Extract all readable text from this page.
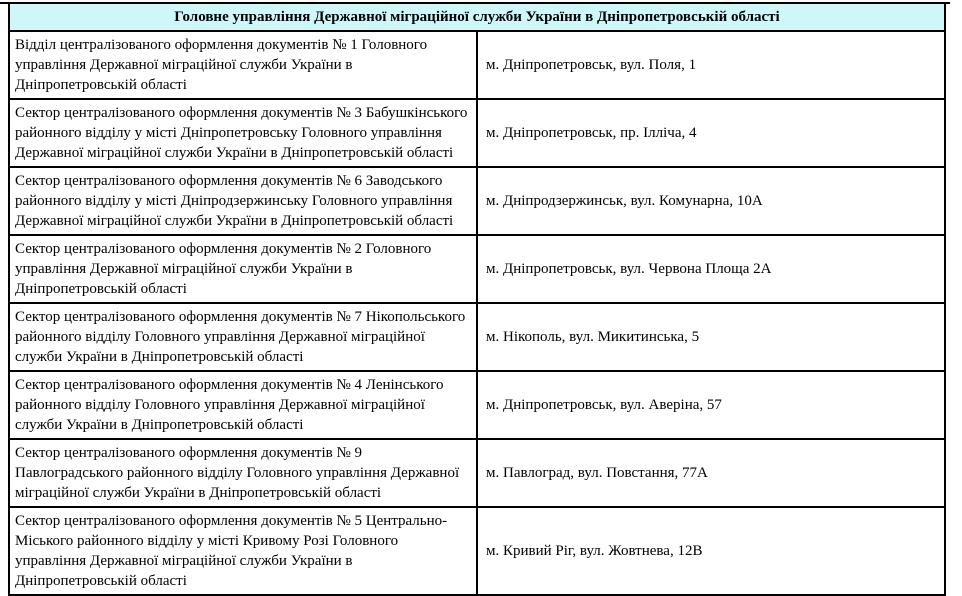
Головне управління Державної міграційної служби України в Дніпропетровській області	
Відділ централізованого оформлення документів № 1 Головного управління Державної міграційної служби України в Дніпропетровській області	м. Дніпропетровськ, вул. Поля, 1
Сектор централізованого оформлення документів № 3 Бабушкінського районного відділу у місті Дніпропетровську Головного управління Державної міграційної служби України в Дніпропетровській області	м. Дніпропетровськ, пр. Ілліча, 4
Сектор централізованого оформлення документів № 6 Заводського районного відділу у місті Дніпродзержинську Головного управління Державної міграційної служби України в Дніпропетровській області	м. Дніпродзержинськ, вул. Комунарна, 10А
Сектор централізованого оформлення документів № 2 Головного управління Державної міграційної служби України в Дніпропетровській області	м. Дніпропетровськ, вул. Червона Площа 2А
Сектор централізованого оформлення документів № 7 Нікопольського районного відділу Головного управління Державної міграційної служби України в Дніпропетровській області	м. Нікополь, вул. Микитинська, 5
Сектор централізованого оформлення документів № 4 Ленінського районного відділу Головного управління Державної міграційної служби України в Дніпропетровській області	м. Дніпропетровськ, вул. Аверіна, 57
Сектор централізованого оформлення документів № 9 Павлоградського районного відділу Головного управління Державної міграційної служби України в Дніпропетровській області	м. Павлоград, вул. Повстання, 77А
Сектор централізованого оформлення документів № 5 Центрально-Міського районного відділу у місті Кривому Розі Головного управління Державної міграційної служби України в Дніпропетровській області	м. Кривий Ріг, вул. Жовтнева, 12В
